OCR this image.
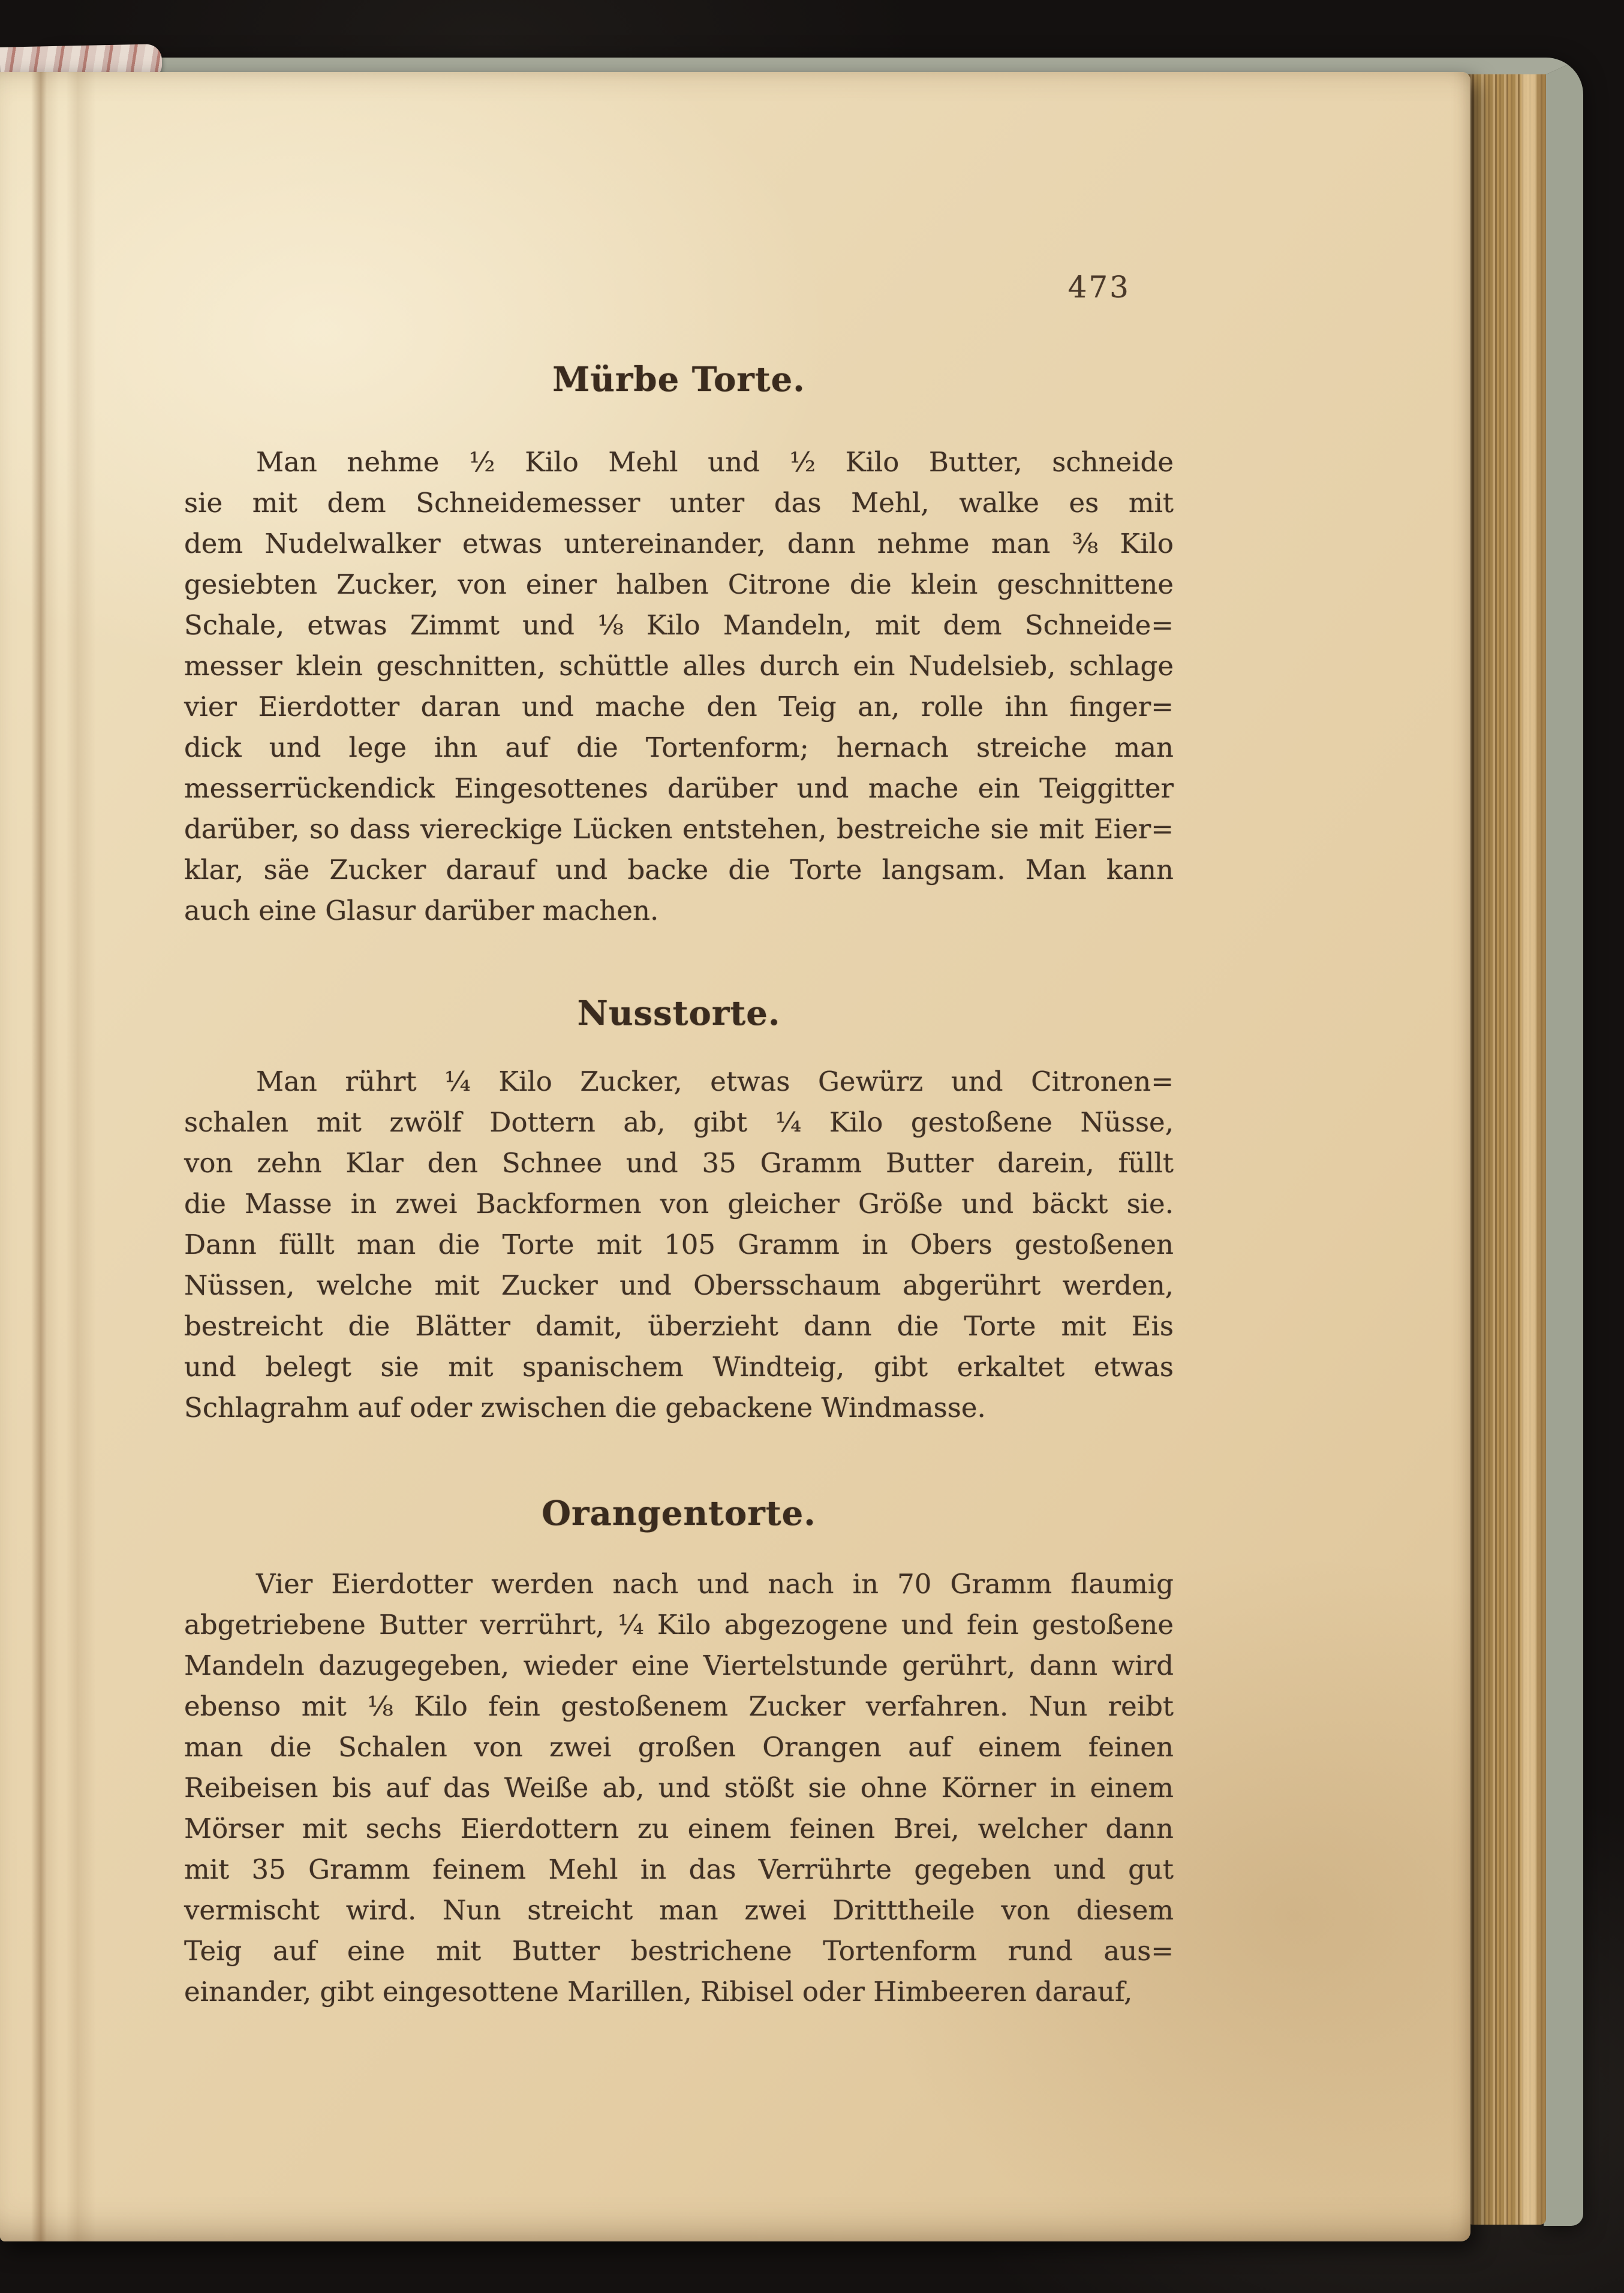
473
Mürbe Torte.
Man nehme ½ Kilo Mehl und ½ Kilo Butter, schneide
sie mit dem Schneidemesser unter das Mehl, walke es mit
dem Nudelwalker etwas untereinander, dann nehme man ⅜ Kilo
gesiebten Zucker, von einer halben Citrone die klein geschnittene
Schale, etwas Zimmt und ⅛ Kilo Mandeln, mit dem Schneide=
messer klein geschnitten, schüttle alles durch ein Nudelsieb, schlage
vier Eierdotter daran und mache den Teig an, rolle ihn finger=
dick und lege ihn auf die Tortenform; hernach streiche man
messerrückendick Eingesottenes darüber und mache ein Teiggitter
darüber, so dass viereckige Lücken entstehen, bestreiche sie mit Eier=
klar, säe Zucker darauf und backe die Torte langsam. Man kann
auch eine Glasur darüber machen.
Nusstorte.
Man rührt ¼ Kilo Zucker, etwas Gewürz und Citronen=
schalen mit zwölf Dottern ab, gibt ¼ Kilo gestoßene Nüsse,
von zehn Klar den Schnee und 35 Gramm Butter darein, füllt
die Masse in zwei Backformen von gleicher Größe und bäckt sie.
Dann füllt man die Torte mit 105 Gramm in Obers gestoßenen
Nüssen, welche mit Zucker und Obersschaum abgerührt werden,
bestreicht die Blätter damit, überzieht dann die Torte mit Eis
und belegt sie mit spanischem Windteig, gibt erkaltet etwas
Schlagrahm auf oder zwischen die gebackene Windmasse.
Orangentorte.
Vier Eierdotter werden nach und nach in 70 Gramm flaumig
abgetriebene Butter verrührt, ¼ Kilo abgezogene und fein gestoßene
Mandeln dazugegeben, wieder eine Viertelstunde gerührt, dann wird
ebenso mit ⅛ Kilo fein gestoßenem Zucker verfahren. Nun reibt
man die Schalen von zwei großen Orangen auf einem feinen
Reibeisen bis auf das Weiße ab, und stößt sie ohne Körner in einem
Mörser mit sechs Eierdottern zu einem feinen Brei, welcher dann
mit 35 Gramm feinem Mehl in das Verrührte gegeben und gut
vermischt wird. Nun streicht man zwei Dritttheile von diesem
Teig auf eine mit Butter bestrichene Tortenform rund aus=
einander, gibt eingesottene Marillen, Ribisel oder Himbeeren darauf,
